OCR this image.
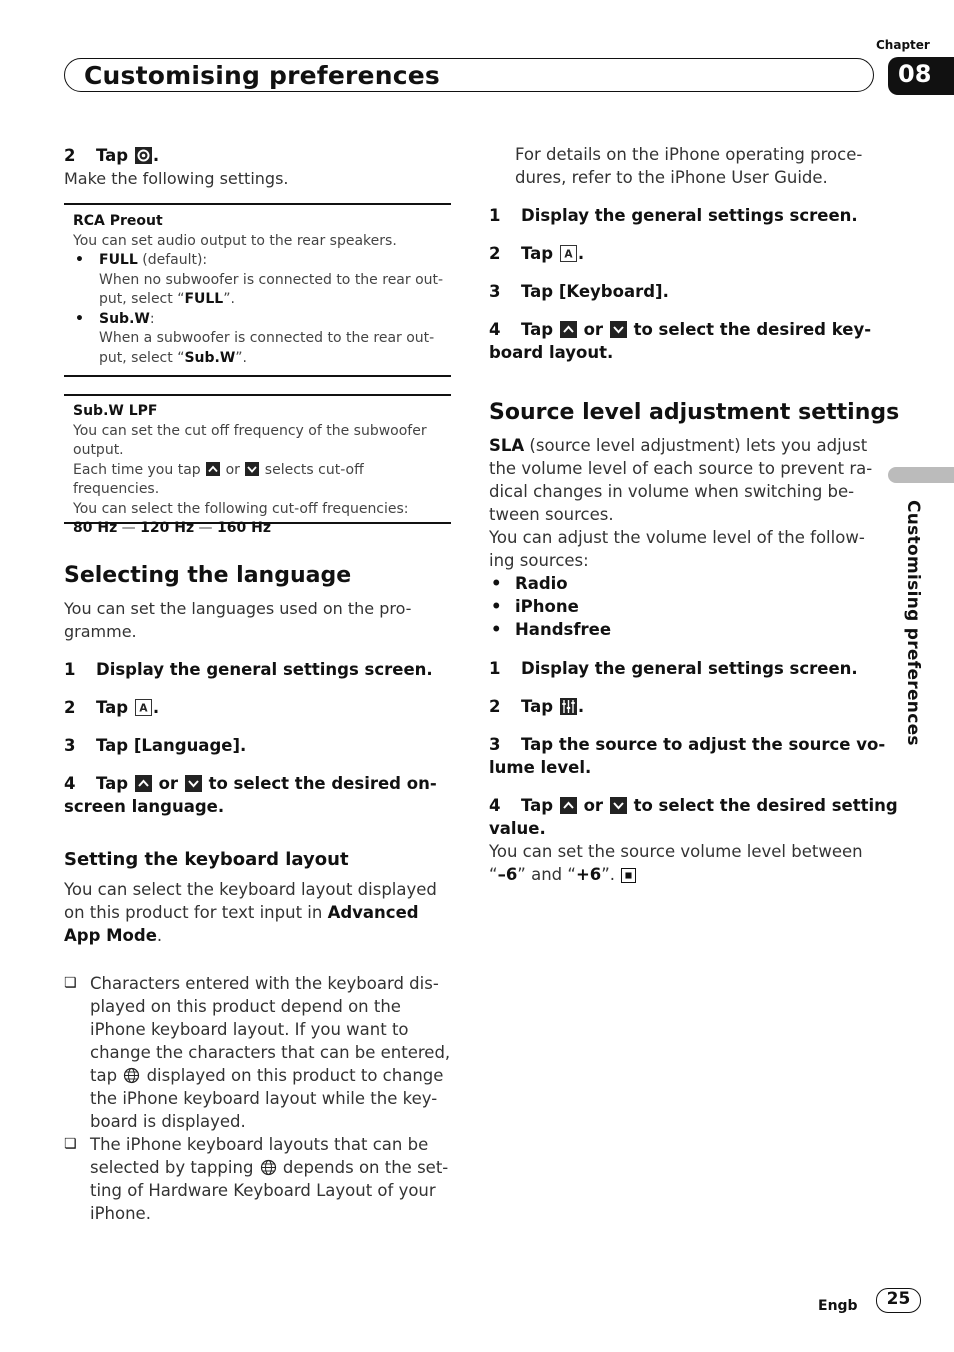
Chapter
Customising preferences	08
Customising preferences
2 Tap .
Make the following settings.
RCA Preout
You can set audio output to the rear speakers.
• FULL (default):
When no subwoofer is connected to the rear out-
put, select “FULL”.
• Sub.W:
When a subwoofer is connected to the rear out-
put, select “Sub.W”.
Sub.W LPF
You can set the cut off frequency of the subwoofer
output.
Each time you tap or selects cut-off frequencies.
You can select the following cut-off frequencies:
80 Hz — 120 Hz — 160 Hz
Selecting the language
You can set the languages used on the pro-
gramme.
1 Display the general settings screen.
2 Tap A .
3 Tap [Language].
4 Tap or to select the desired on-
screen language.
Setting the keyboard layout
You can select the keyboard layout displayed
on this product for text input in Advanced
App Mode.
❏ Characters entered with the keyboard dis-
played on this product depend on the
iPhone keyboard layout. If you want to
change the characters that can be entered,
tap displayed on this product to change
the iPhone keyboard layout while the key-
board is displayed.
❏ The iPhone keyboard layouts that can be
selected by tapping depends on the set-
ting of Hardware Keyboard Layout of your
iPhone.
For details on the iPhone operating proce-
dures, refer to the iPhone User Guide.
1 Display the general settings screen.
2 Tap A .
3 Tap [Keyboard].
4 Tap or to select the desired key-
board layout.
Source level adjustment settings
SLA (source level adjustment) lets you adjust
the volume level of each source to prevent ra-
dical changes in volume when switching be-
tween sources.
You can adjust the volume level of the follow-
ing sources:
• Radio
• iPhone
• Handsfree
1 Display the general settings screen.
2 Tap .
3 Tap the source to adjust the source vo-
lume level.
4 Tap or to select the desired setting
value.
You can set the source volume level between
“–6” and “+6”.
Engb	25
